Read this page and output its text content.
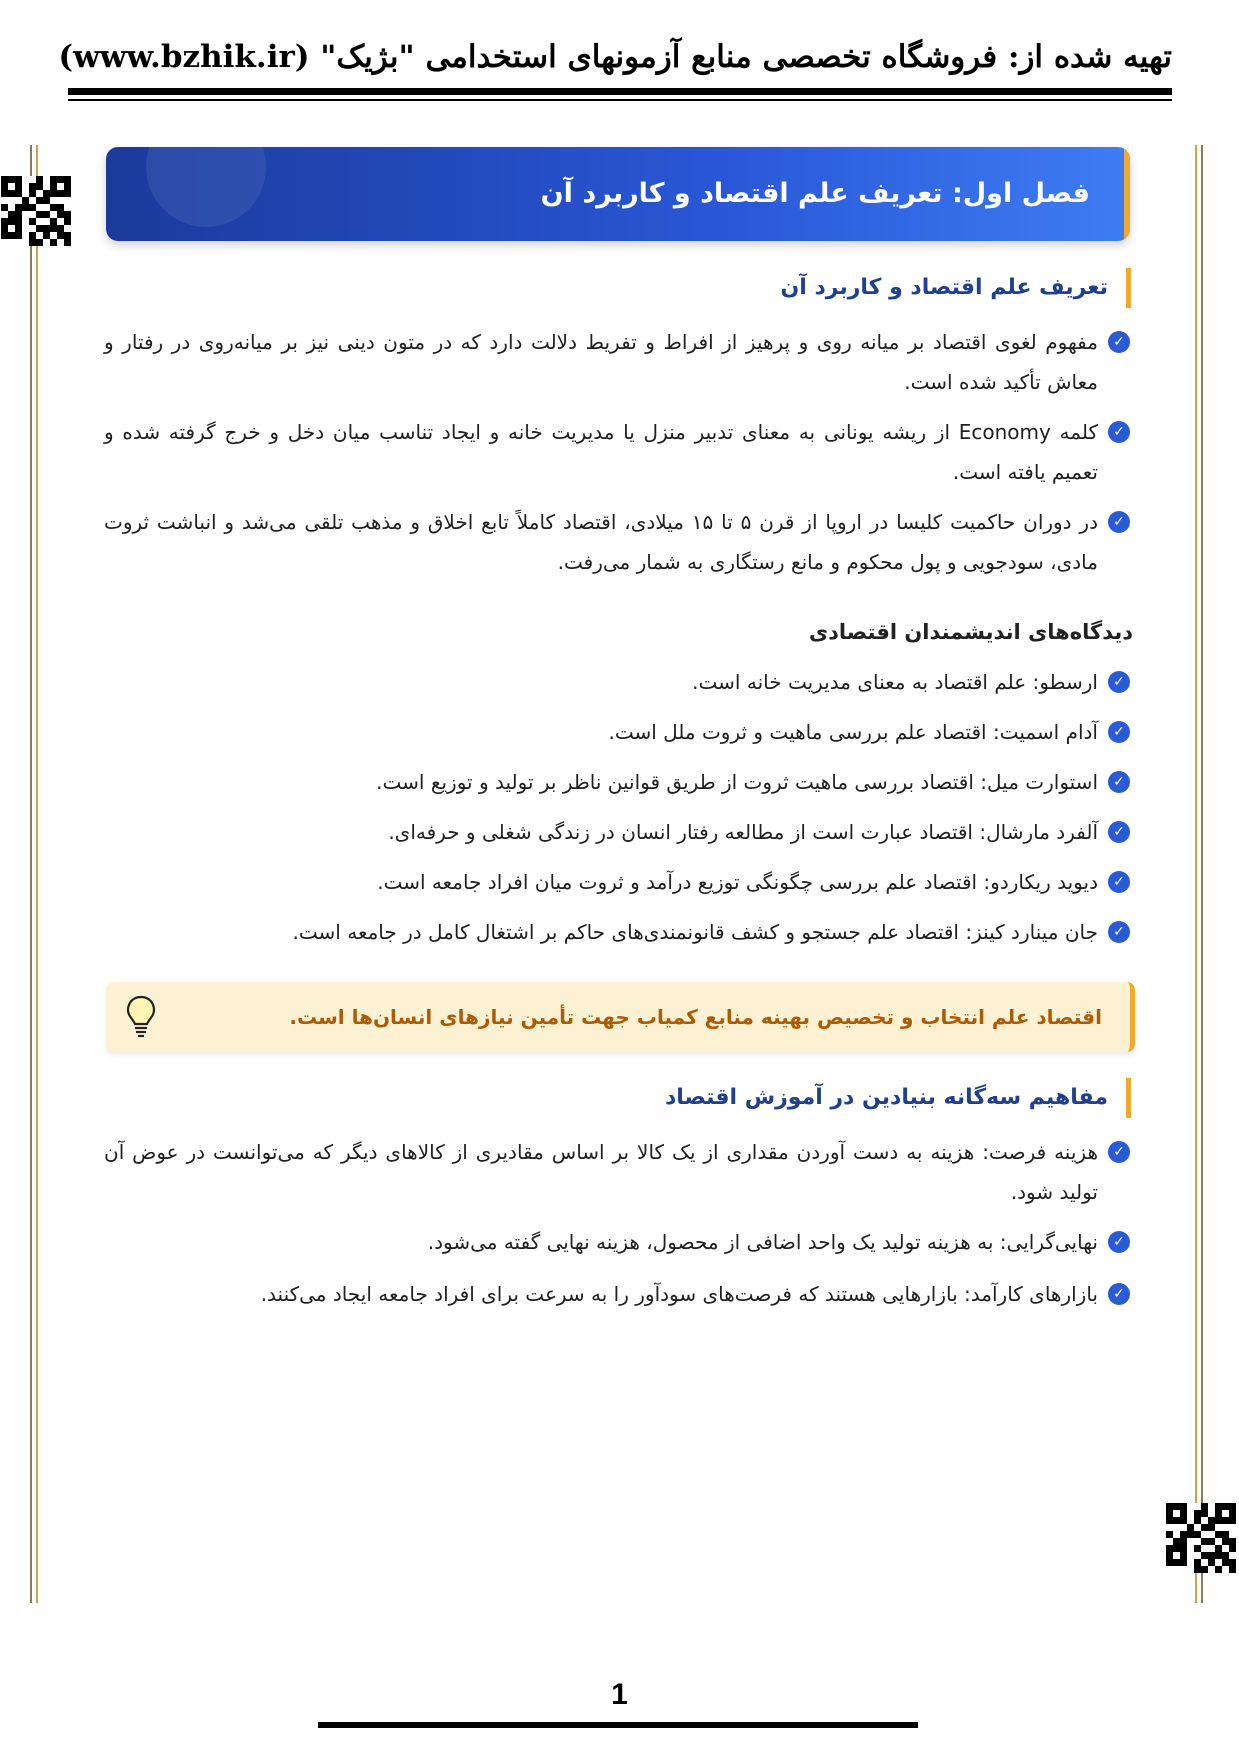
تهیه شده از: فروشگاه تخصصی منابع آزمونهای استخدامی "بژیک" (www.bzhik.ir)
فصل اول: تعریف علم اقتصاد و کاربرد آن
تعریف علم اقتصاد و کاربرد آن
✓
مفهوم لغوی اقتصاد بر میانه روی و پرهیز از افراط و تفریط دلالت دارد که در متون دینی نیز بر میانه‌روی در رفتار و معاش تأکید شده است.
✓
کلمه Economy از ریشه یونانی به معنای تدبیر منزل یا مدیریت خانه و ایجاد تناسب میان دخل و خرج گرفته شده و تعمیم یافته است.
✓
در دوران حاکمیت کلیسا در اروپا از قرن ۵ تا ۱۵ میلادی، اقتصاد کاملاً تابع اخلاق و مذهب تلقی می‌شد و انباشت ثروت مادی، سودجویی و پول محکوم و مانع رستگاری به شمار می‌رفت.
دیدگاه‌های اندیشمندان اقتصادی
✓
ارسطو: علم اقتصاد به معنای مدیریت خانه است.
✓
آدام اسمیت: اقتصاد علم بررسی ماهیت و ثروت ملل است.
✓
استوارت میل: اقتصاد بررسی ماهیت ثروت از طریق قوانین ناظر بر تولید و توزیع است.
✓
آلفرد مارشال: اقتصاد عبارت است از مطالعه رفتار انسان در زندگی شغلی و حرفه‌ای.
✓
دیوید ریکاردو: اقتصاد علم بررسی چگونگی توزیع درآمد و ثروت میان افراد جامعه است.
✓
جان مینارد کینز: اقتصاد علم جستجو و کشف قانونمندی‌های حاکم بر اشتغال کامل در جامعه است.
اقتصاد علم انتخاب و تخصیص بهینه منابع کمیاب جهت تأمین نیازهای انسان‌ها است.
مفاهیم سه‌گانه بنیادین در آموزش اقتصاد
✓
هزینه فرصت: هزینه به دست آوردن مقداری از یک کالا بر اساس مقادیری از کالاهای دیگر که می‌توانست در عوض آن تولید شود.
✓
نهایی‌گرایی: به هزینه تولید یک واحد اضافی از محصول، هزینه نهایی گفته می‌شود.
✓
بازارهای کارآمد: بازارهایی هستند که فرصت‌های سودآور را به سرعت برای افراد جامعه ایجاد می‌کنند.
1
